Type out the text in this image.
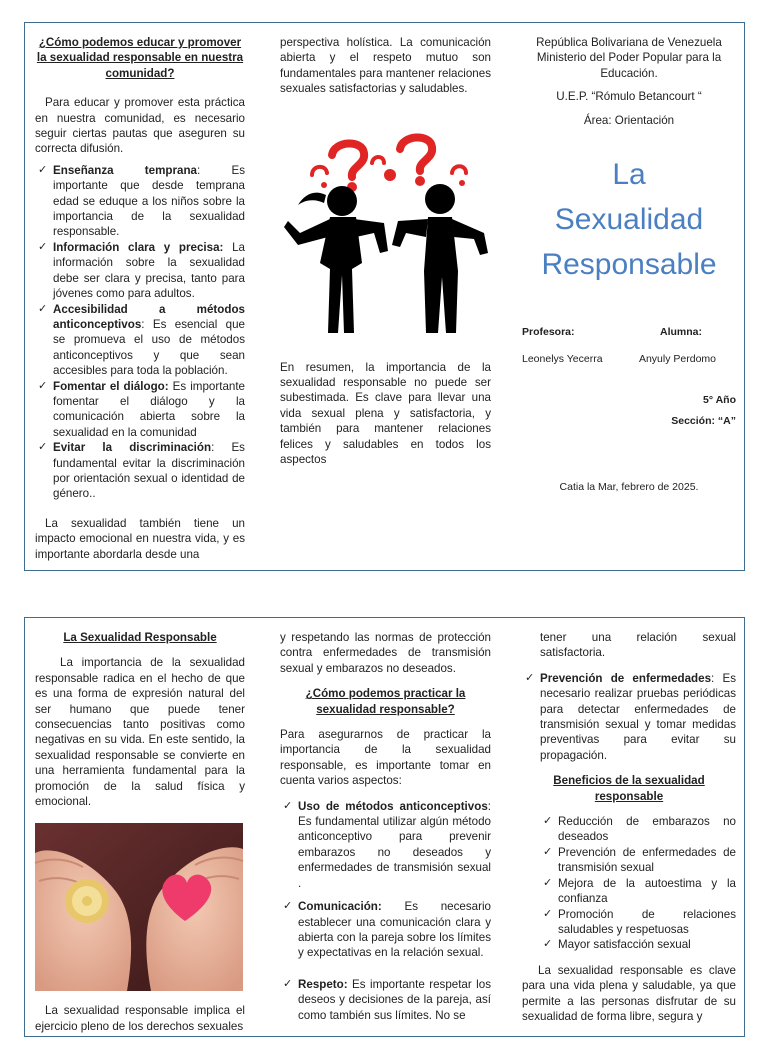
¿Cómo podemos educar y promover la sexualidad responsable en nuestra comunidad?

Para educar y promover esta práctica en nuestra comunidad, es necesario seguir ciertas pautas que aseguren su correcta difusión.

✓ Enseñanza temprana: Es importante que desde temprana edad se eduque a los niños sobre la importancia de la sexualidad responsable.
✓ Información clara y precisa: La información sobre la sexualidad debe ser clara y precisa, tanto para jóvenes como para adultos.
✓ Accesibilidad a métodos anticonceptivos: Es esencial que se promueva el uso de métodos anticonceptivos y que sean accesibles para toda la población.
✓ Fomentar el diálogo: Es importante fomentar el diálogo y la comunicación abierta sobre la sexualidad en la comunidad
✓ Evitar la discriminación: Es fundamental evitar la discriminación por orientación sexual o identidad de género..

La sexualidad también tiene un impacto emocional en nuestra vida, y es importante abordarla desde una

perspectiva holística. La comunicación abierta y el respeto mutuo son fundamentales para mantener relaciones sexuales satisfactorias y saludables.

En resumen, la importancia de la sexualidad responsable no puede ser subestimada. Es clave para llevar una vida sexual plena y satisfactoria, y también para mantener relaciones felices y saludables en todos los aspectos

República Bolivariana de Venezuela

Ministerio del Poder Popular para la Educación.

U.E.P. “Rómulo Betancourt “

Área: Orientación

La

Sexualidad

Responsable

Profesora:	Alumna:
Leonelys Yecerra	Anyuly Perdomo

5° Año

Sección: “A”

Catia la Mar, febrero de 2025.

La Sexualidad Responsable

La importancia de la sexualidad responsable radica en el hecho de que es una forma de expresión natural del ser humano que puede tener consecuencias tanto positivas como negativas en su vida. En este sentido, la sexualidad responsable se convierte en una herramienta fundamental para la promoción de la salud física y emocional.

La sexualidad responsable implica el ejercicio pleno de los derechos sexuales

y respetando las normas de protección contra enfermedades de transmisión sexual y embarazos no deseados.

¿Cómo podemos practicar la sexualidad responsable?

Para asegurarnos de practicar la importancia de la sexualidad responsable, es importante tomar en cuenta varios aspectos:

✓ Uso de métodos anticonceptivos: Es fundamental utilizar algún método anticonceptivo para prevenir embarazos no deseados y enfermedades de transmisión sexual .
✓ Comunicación: Es necesario establecer una comunicación clara y abierta con la pareja sobre los límites y expectativas en la relación sexual.
✓ Respeto: Es importante respetar los deseos y decisiones de la pareja, así como también sus límites. No se

tener una relación sexual satisfactoria.

✓ Prevención de enfermedades: Es necesario realizar pruebas periódicas para detectar enfermedades de transmisión sexual y tomar medidas preventivas para evitar su propagación.

Beneficios de la sexualidad responsable

✓ Reducción de embarazos no deseados
✓ Prevención de enfermedades de transmisión sexual
✓ Mejora de la autoestima y la confianza
✓ Promoción de relaciones saludables y respetuosas
✓ Mayor satisfacción sexual

La sexualidad responsable es clave para una vida plena y saludable, ya que permite a las personas disfrutar de su sexualidad de forma libre, segura y
